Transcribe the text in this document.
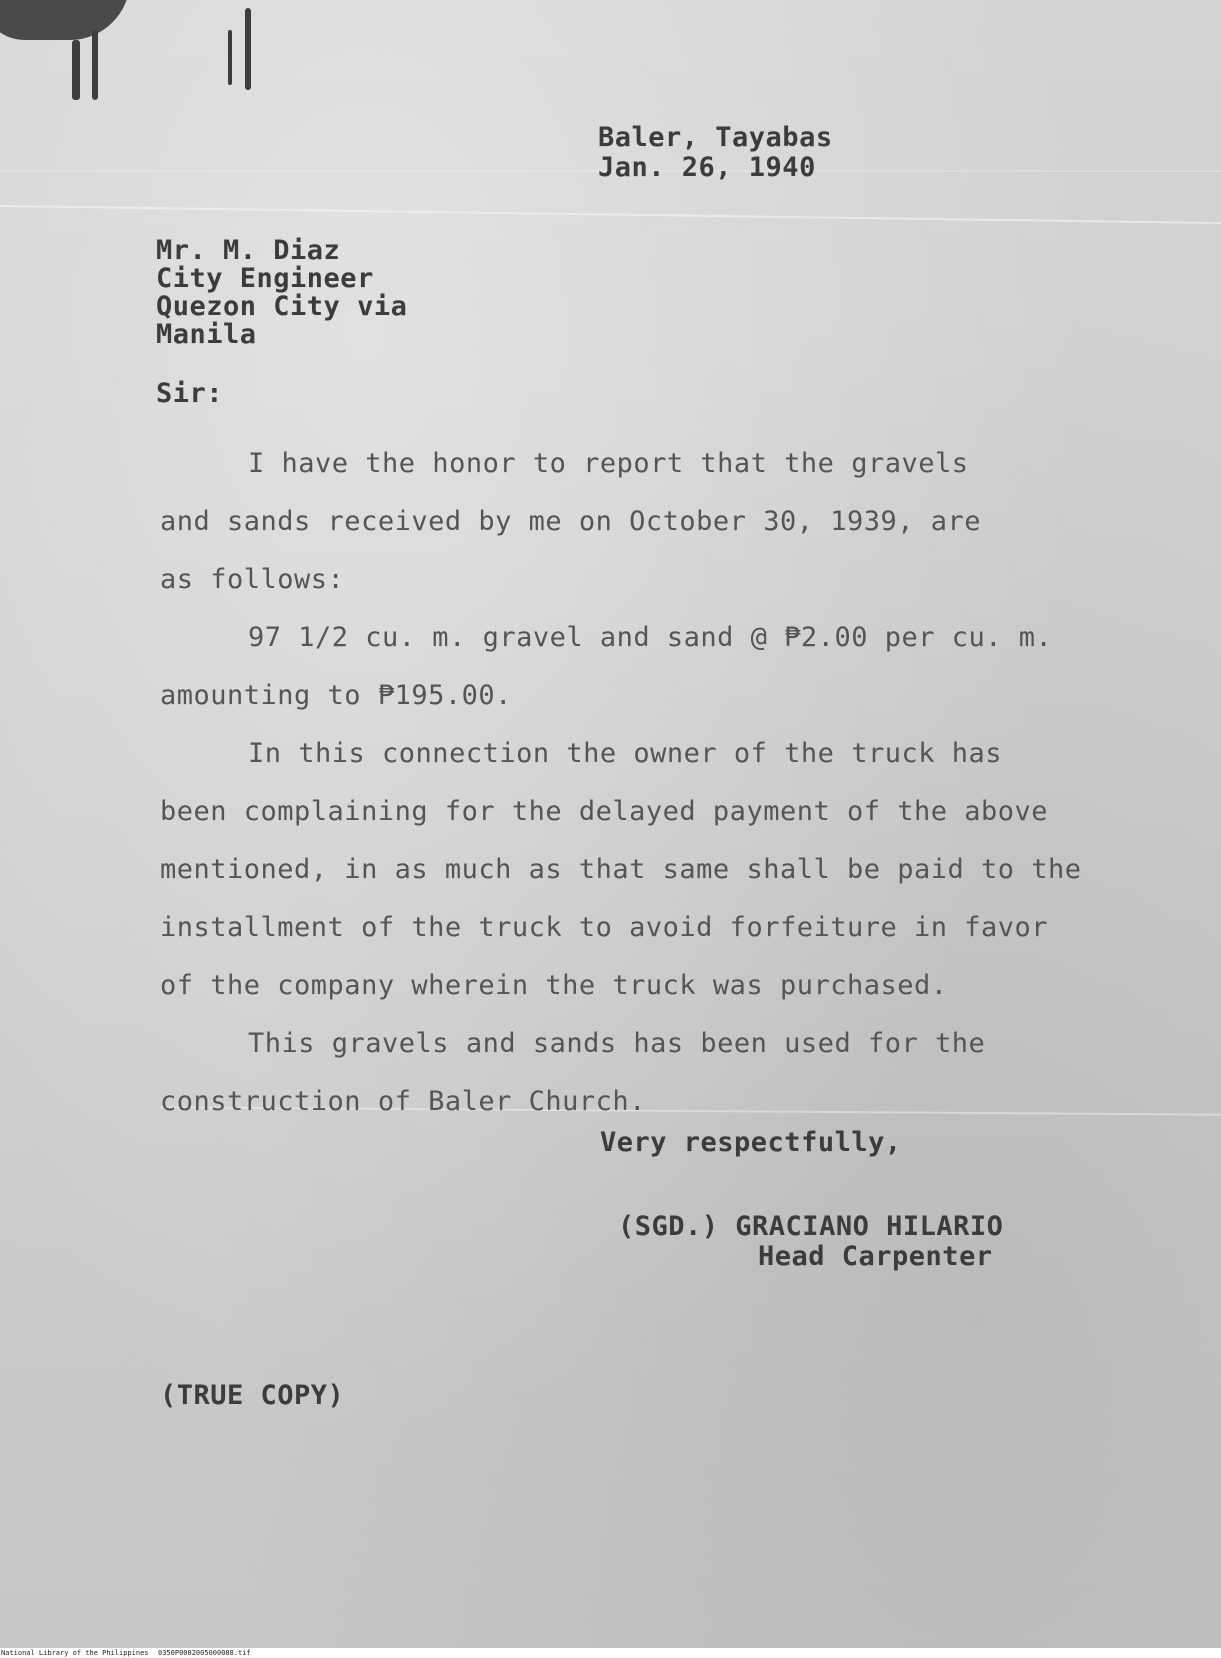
Baler, Tayabas
Jan. 26, 1940
Mr. M. Diaz
City Engineer
Quezon City via
Manila
Sir:
I have the honor to report that the gravels
and sands received by me on October 30, 1939, are
as follows:
97 1/2 cu. m. gravel and sand @ ₱2.00 per cu. m.
amounting to ₱195.00.
In this connection the owner of the truck has
been complaining for the delayed payment of the above
mentioned, in as much as that same shall be paid to the
installment of the truck to avoid forfeiture in favor
of the company wherein the truck was purchased.
This gravels and sands has been used for the
construction of Baler Church.
Very respectfully,
(SGD.) GRACIANO HILARIO
Head Carpenter
(TRUE COPY)
National Library of the Philippines 0350P0002005000088.tif
